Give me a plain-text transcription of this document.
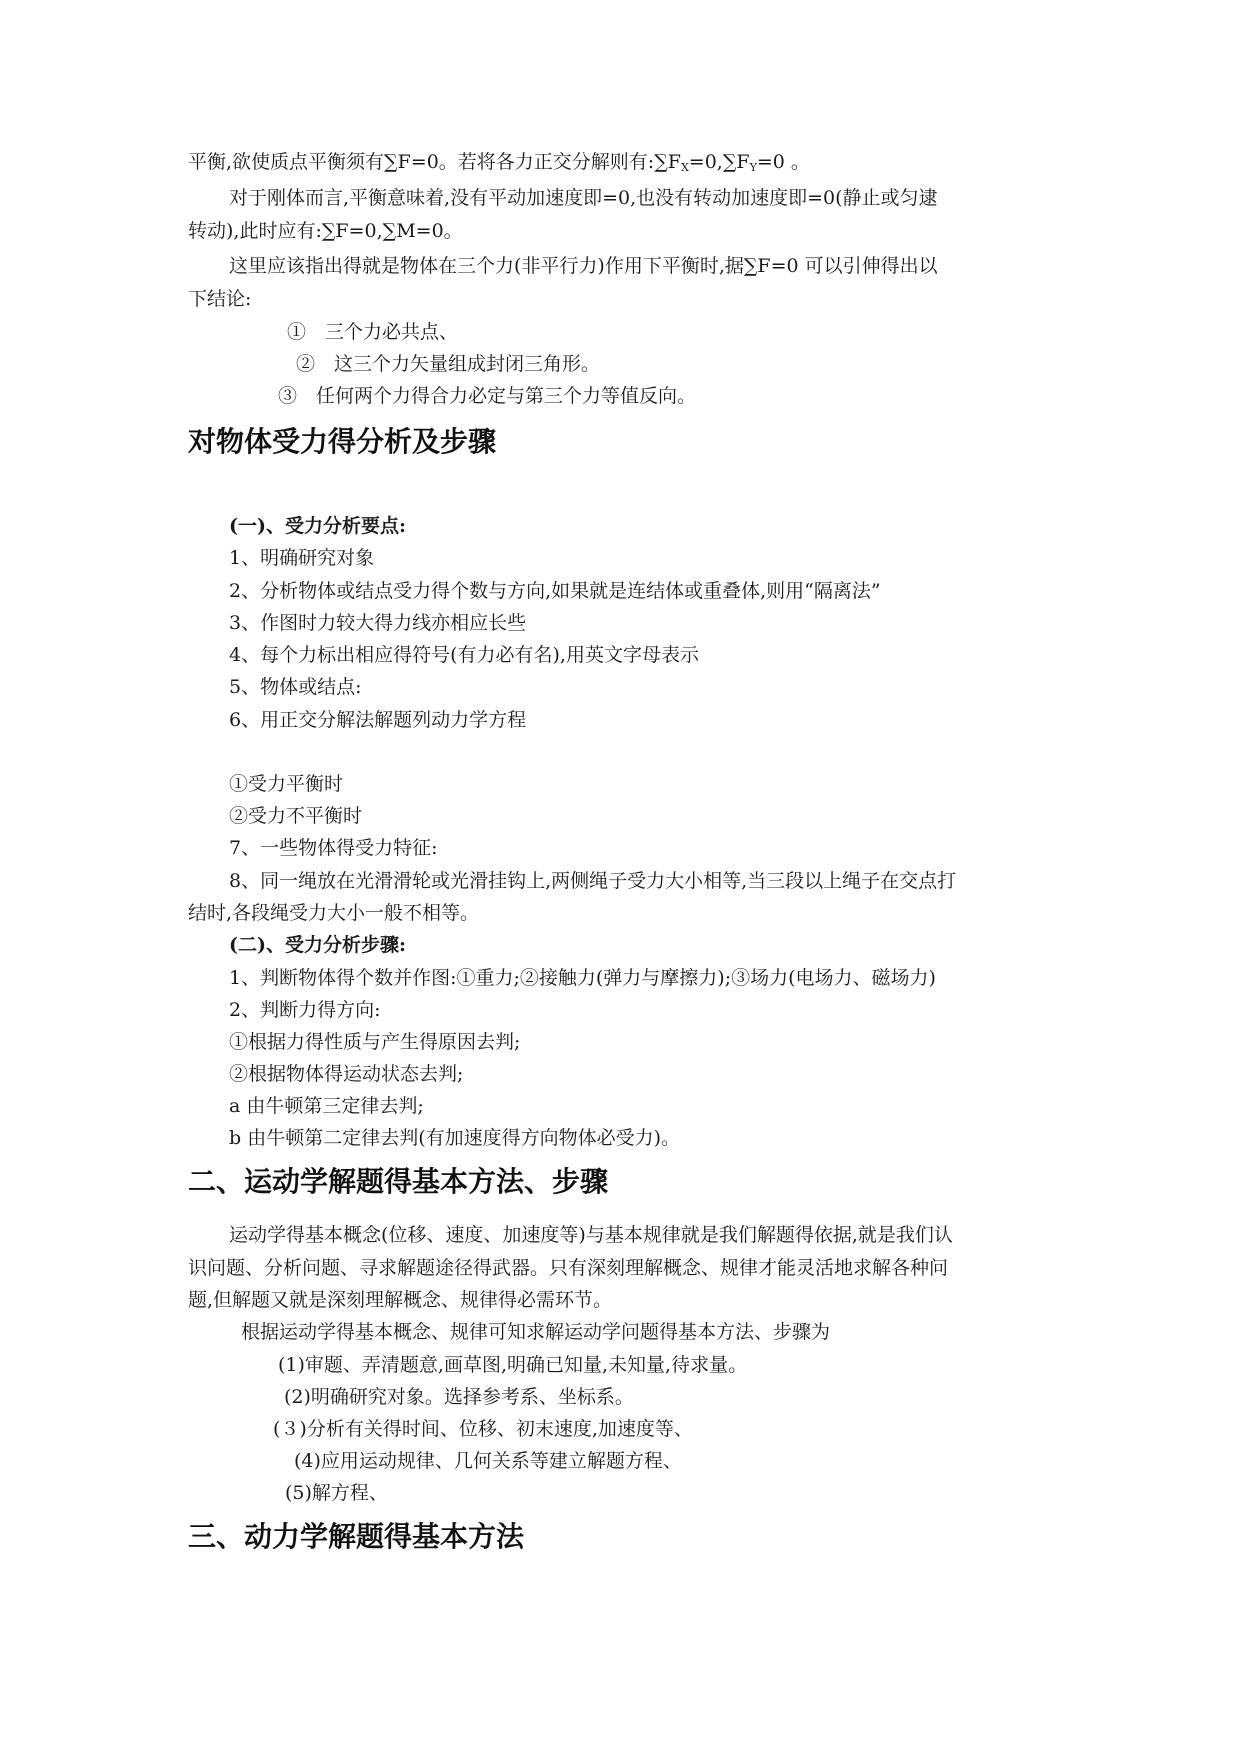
平衡,欲使质点平衡须有∑F=0。若将各力正交分解则有$:\sum F_X=0,\sum F_Y=0$ 。
对于刚体而言,平衡意味着,没有平动加速度即=0,也没有转动加速度即=0(静止或匀逮
转动),此时应有:∑F=0,∑M=0。
这里应该指出得就是物体在三个力(非平行力)作用下平衡时,据∑F=0 可以引伸得出以
下结论:
①　三个力必共点、
②　这三个力矢量组成封闭三角形。
③　任何两个力得合力必定与第三个力等值反向。
对物体受力得分析及步骤
(一)、受力分析要点:
1、明确研究对象
2、分析物体或结点受力得个数与方向,如果就是连结体或重叠体,则用“隔离法”
3、作图时力较大得力线亦相应长些
4、每个力标出相应得符号(有力必有名),用英文字母表示
5、物体或结点:
6、用正交分解法解题列动力学方程
①受力平衡时
②受力不平衡时
7、一些物体得受力特征:
8、同一绳放在光滑滑轮或光滑挂钩上,两侧绳子受力大小相等,当三段以上绳子在交点打
结时,各段绳受力大小一般不相等。
(二)、受力分析步骤:
1、判断物体得个数并作图:①重力;②接触力(弹力与摩擦力);③场力(电场力、磁场力)
2、判断力得方向:
①根据力得性质与产生得原因去判;
②根据物体得运动状态去判;
a 由牛顿第三定律去判;
b 由牛顿第二定律去判(有加速度得方向物体必受力)。
二、运动学解题得基本方法、步骤
运动学得基本概念(位移、速度、加速度等)与基本规律就是我们解题得依据,就是我们认
识问题、分析问题、寻求解题途径得武器。只有深刻理解概念、规律才能灵活地求解各种问
题,但解题又就是深刻理解概念、规律得必需环节。
根据运动学得基本概念、规律可知求解运动学问题得基本方法、步骤为
(1)审题、弄清题意,画草图,明确已知量,未知量,待求量。
(2)明确研究对象。选择参考系、坐标系。
(３)分析有关得时间、位移、初末速度,加速度等、
(4)应用运动规律、几何关系等建立解题方程、
(5)解方程、
三、动力学解题得基本方法
